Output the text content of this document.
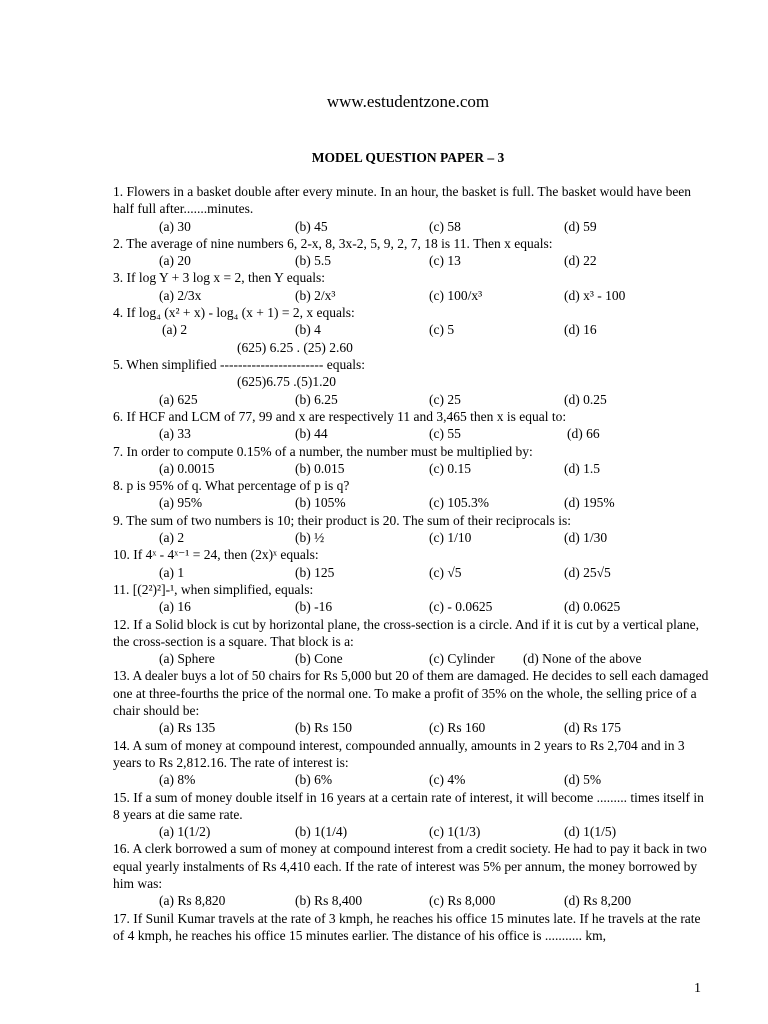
www.estudentzone.com
MODEL QUESTION PAPER – 3
1. Flowers in a basket double after every minute. In an hour, the basket is full. The basket would have been half full after.......minutes.
(a) 30	(b) 45	(c) 58	(d) 59
2. The average of nine numbers 6, 2-x, 8, 3x-2, 5, 9, 2, 7, 18 is 11. Then x equals:
(a) 20	(b) 5.5	(c) 13	(d) 22
3. If log Y + 3 log x = 2, then Y equals:
(a) 2/3x	(b) 2/x³	(c) 100/x³	(d) x³ - 100
4. If log₄ (x² + x) - log₄ (x + 1) = 2, x equals:
(a) 2	(b) 4	(c) 5	(d) 16
(625) 6.25 . (25) 2.60
5. When simplified ----------------------- equals:
(625)6.75 .(5)1.20
(a) 625	(b) 6.25	(c) 25	(d) 0.25
6. If HCF and LCM of 77, 99 and x are respectively 11 and 3,465 then x is equal to:
(a) 33	(b) 44	(c) 55	(d) 66
7. In order to compute 0.15% of a number, the number must be multiplied by:
(a) 0.0015	(b) 0.015	(c) 0.15	(d) 1.5
8. p is 95% of q. What percentage of p is q?
(a) 95%	(b) 105%	(c) 105.3%	(d) 195%
9. The sum of two numbers is 10; their product is 20. The sum of their reciprocals is:
(a) 2	(b) ½	(c) 1/10	(d) 1/30
10. If 4ˣ - 4ˣ⁻¹ = 24, then (2x)ˣ equals:
(a) 1	(b) 125	(c) √5	(d) 25√5
11. [(2²)²]-¹, when simplified, equals:
(a) 16	(b) -16	(c) - 0.0625	(d) 0.0625
12. If a Solid block is cut by horizontal plane, the cross-section is a circle. And if it is cut by a vertical plane, the cross-section is a square. That block is a:
(a) Sphere	(b) Cone	(c) Cylinder (d) None of the above
13. A dealer buys a lot of 50 chairs for Rs 5,000 but 20 of them are damaged. He decides to sell each damaged one at three-fourths the price of the normal one. To make a profit of 35% on the whole, the selling price of a chair should be:
(a) Rs 135	(b) Rs 150	(c) Rs 160	(d) Rs 175
14. A sum of money at compound interest, compounded annually, amounts in 2 years to Rs 2,704 and in 3 years to Rs 2,812.16. The rate of interest is:
(a) 8%	(b) 6%	(c) 4%	(d) 5%
15. If a sum of money double itself in 16 years at a certain rate of interest, it will become ......... times itself in 8 years at die same rate.
(a) 1(1/2)	(b) 1(1/4)	(c) 1(1/3)	(d) 1(1/5)
16. A clerk borrowed a sum of money at compound interest from a credit society. He had to pay it back in two equal yearly instalments of Rs 4,410 each. If the rate of interest was 5% per annum, the money borrowed by him was:
(a) Rs 8,820	(b) Rs 8,400	(c) Rs 8,000	(d) Rs 8,200
17. If Sunil Kumar travels at the rate of 3 kmph, he reaches his office 15 minutes late. If he travels at the rate of 4 kmph, he reaches his office 15 minutes earlier. The distance of his office is ........... km,
1
